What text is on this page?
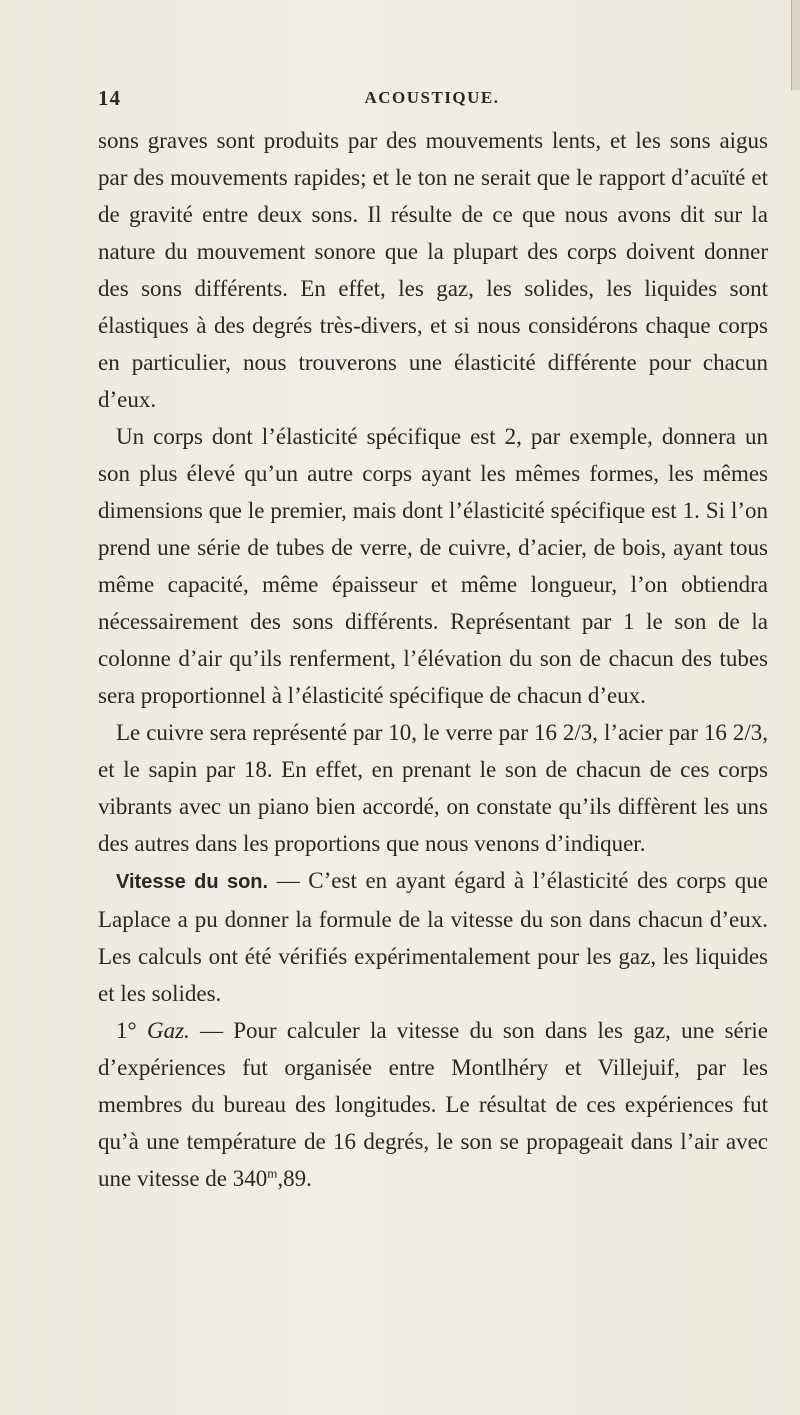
14	ACOUSTIQUE.

sons graves sont produits par des mouvements lents, et les sons aigus par des mouvements rapides; et le ton ne serait que le rapport d’acuïté et de gravité entre deux sons. Il résulte de ce que nous avons dit sur la nature du mouvement sonore que la plupart des corps doivent donner des sons différents. En effet, les gaz, les solides, les liquides sont élastiques à des degrés très-divers, et si nous considérons chaque corps en particulier, nous trouverons une élasticité différente pour chacun d’eux.

Un corps dont l’élasticité spécifique est 2, par exemple, donnera un son plus élevé qu’un autre corps ayant les mêmes formes, les mêmes dimensions que le premier, mais dont l’élasticité spécifique est 1. Si l’on prend une série de tubes de verre, de cuivre, d’acier, de bois, ayant tous même capacité, même épaisseur et même longueur, l’on obtiendra nécessairement des sons différents. Représentant par 1 le son de la colonne d’air qu’ils renferment, l’élévation du son de chacun des tubes sera proportionnel à l’élasticité spécifique de chacun d’eux.

Le cuivre sera représenté par 10, le verre par 16 2/3, l’acier par 16 2/3, et le sapin par 18. En effet, en prenant le son de chacun de ces corps vibrants avec un piano bien accordé, on constate qu’ils diffèrent les uns des autres dans les proportions que nous venons d’indiquer.

Vitesse du son. — C’est en ayant égard à l’élasticité des corps que Laplace a pu donner la formule de la vitesse du son dans chacun d’eux. Les calculs ont été vérifiés expérimentalement pour les gaz, les liquides et les solides.

1° Gaz. — Pour calculer la vitesse du son dans les gaz, une série d’expériences fut organisée entre Montlhéry et Villejuif, par les membres du bureau des longitudes. Le résultat de ces expériences fut qu’à une température de 16 degrés, le son se propageait dans l’air avec une vitesse de 340$^m$,89.
